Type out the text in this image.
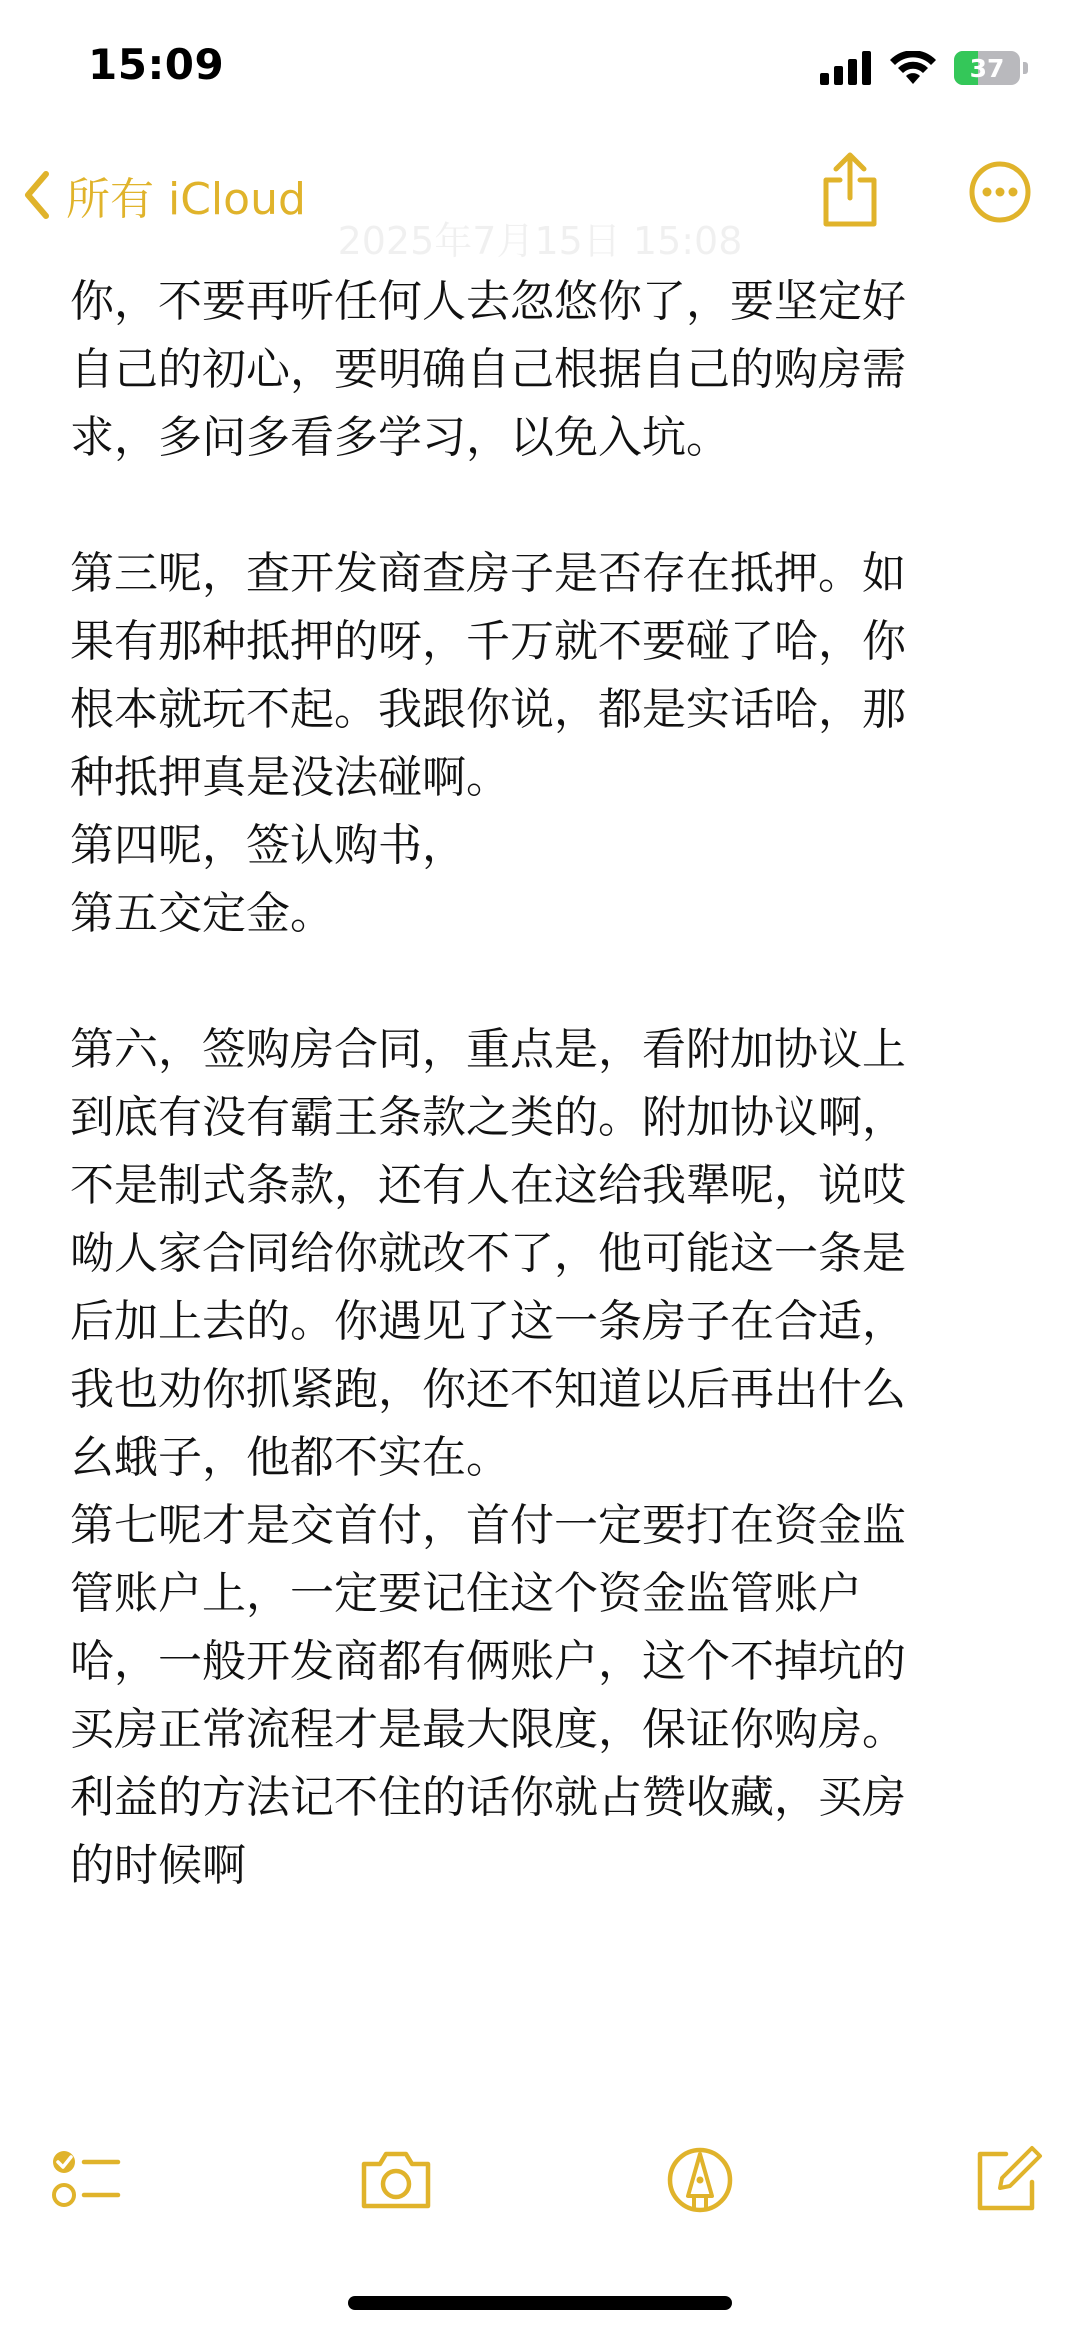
15:09	37
2025年7月15日 15:08
所有 iCloud
你，不要再听任何人去忽悠你了，要坚定好
自己的初心，要明确自己根据自己的购房需
求，多问多看多学习，以免入坑。
第三呢，查开发商查房子是否存在抵押。如
果有那种抵押的呀，千万就不要碰了哈，你
根本就玩不起。我跟你说，都是实话哈，那
种抵押真是没法碰啊。
第四呢，签认购书，
第五交定金。
第六，签购房合同，重点是，看附加协议上
到底有没有霸王条款之类的。附加协议啊，
不是制式条款，还有人在这给我犟呢，说哎
呦人家合同给你就改不了，他可能这一条是
后加上去的。你遇见了这一条房子在合适，
我也劝你抓紧跑，你还不知道以后再出什么
幺蛾子，他都不实在。
第七呢才是交首付，首付一定要打在资金监
管账户上，一定要记住这个资金监管账户
哈，一般开发商都有俩账户，这个不掉坑的
买房正常流程才是最大限度，保证你购房。
利益的方法记不住的话你就占赞收藏，买房
的时候啊
